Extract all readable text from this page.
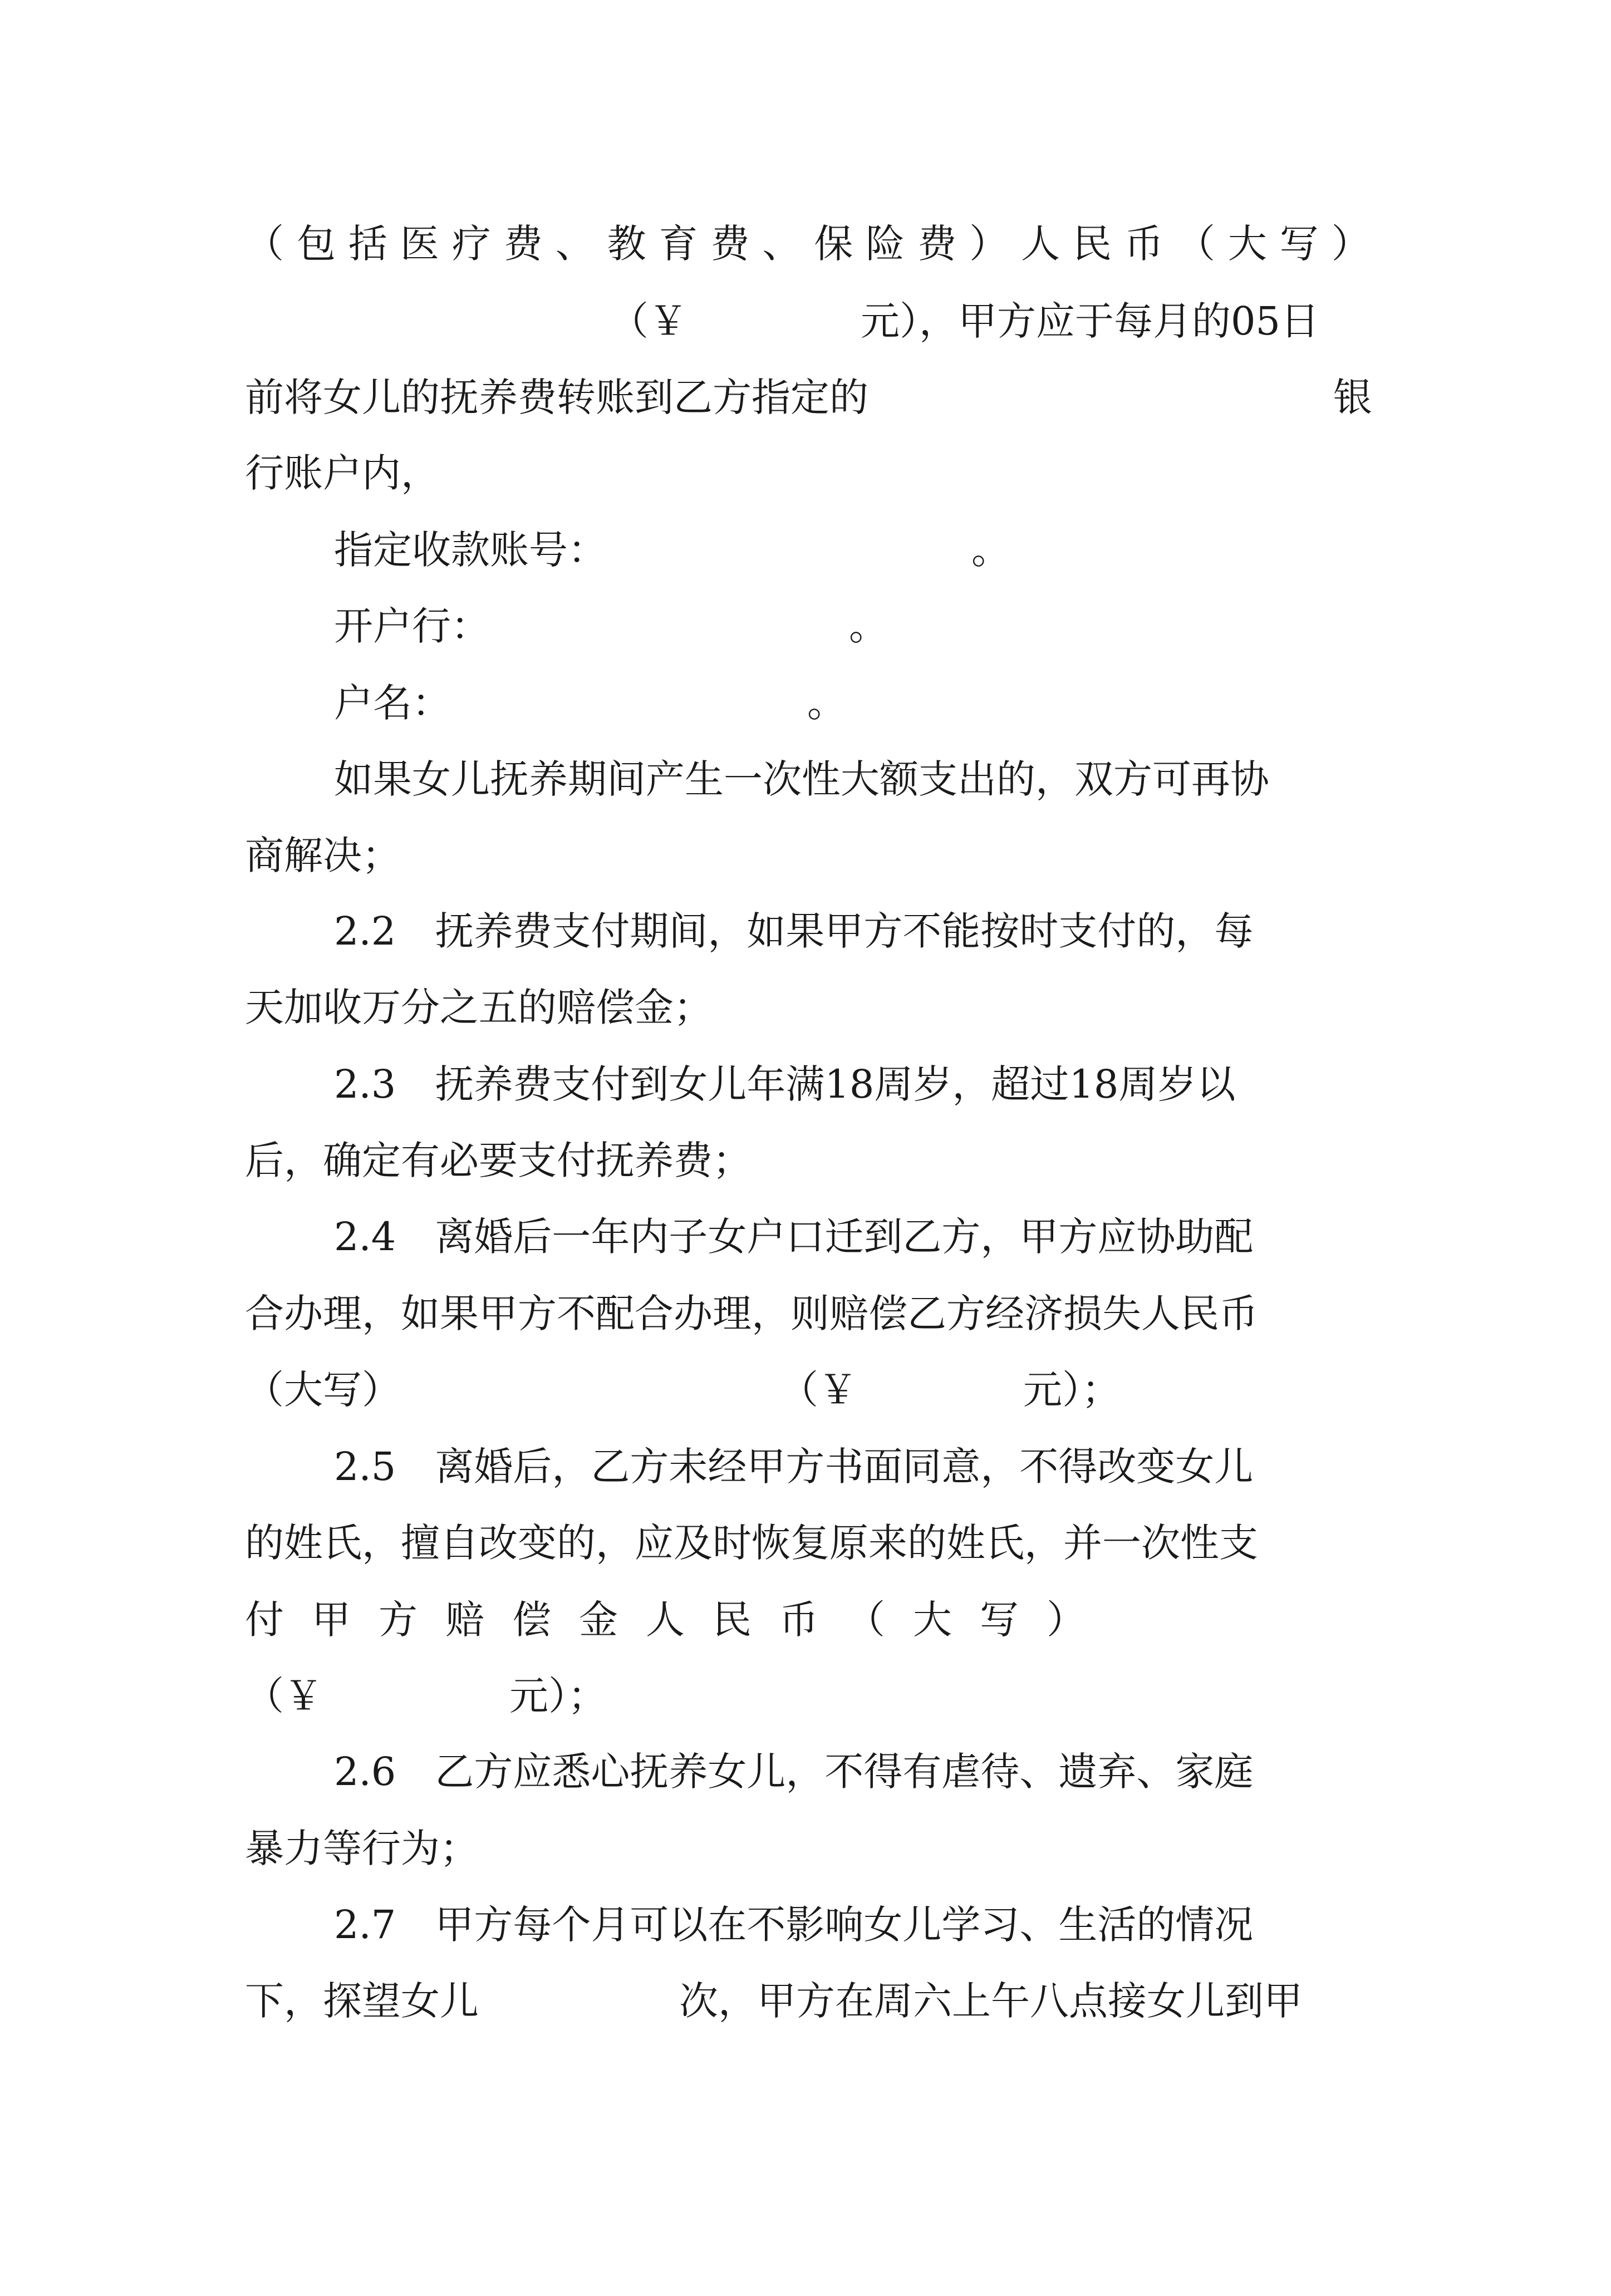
（ 包 括 医 疗 费 、 教 育 费 、 保 险 费 ） 人 民 币 （ 大 写 ）

（￥

	元），甲方应于每月的05日

前将女儿的抚养费转账到乙方指定的

	银

行账户内，

指定收款账号：

	。

开户行：

	。

户名：

	。

如果女儿抚养期间产生一次性大额支出的，双方可再协

商解决；

2.2　抚养费支付期间，如果甲方不能按时支付的，每

天加收万分之五的赔偿金；

2.3　抚养费支付到女儿年满18周岁，超过18周岁以

后，确定有必要支付抚养费；

2.4　离婚后一年内子女户口迁到乙方，甲方应协助配

合办理，如果甲方不配合办理，则赔偿乙方经济损失人民币

（大写）

	（￥

	元）；

2.5　离婚后，乙方未经甲方书面同意，不得改变女儿

的姓氏，擅自改变的，应及时恢复原来的姓氏，并一次性支

付

甲

方

赔

偿

金

人

民

币

（

大

写

）

（￥

	元）；

2.6　乙方应悉心抚养女儿，不得有虐待、遗弃、家庭

暴力等行为；

2.7　甲方每个月可以在不影响女儿学习、生活的情况

下，探望女儿

	次，甲方在周六上午八点接女儿到甲
